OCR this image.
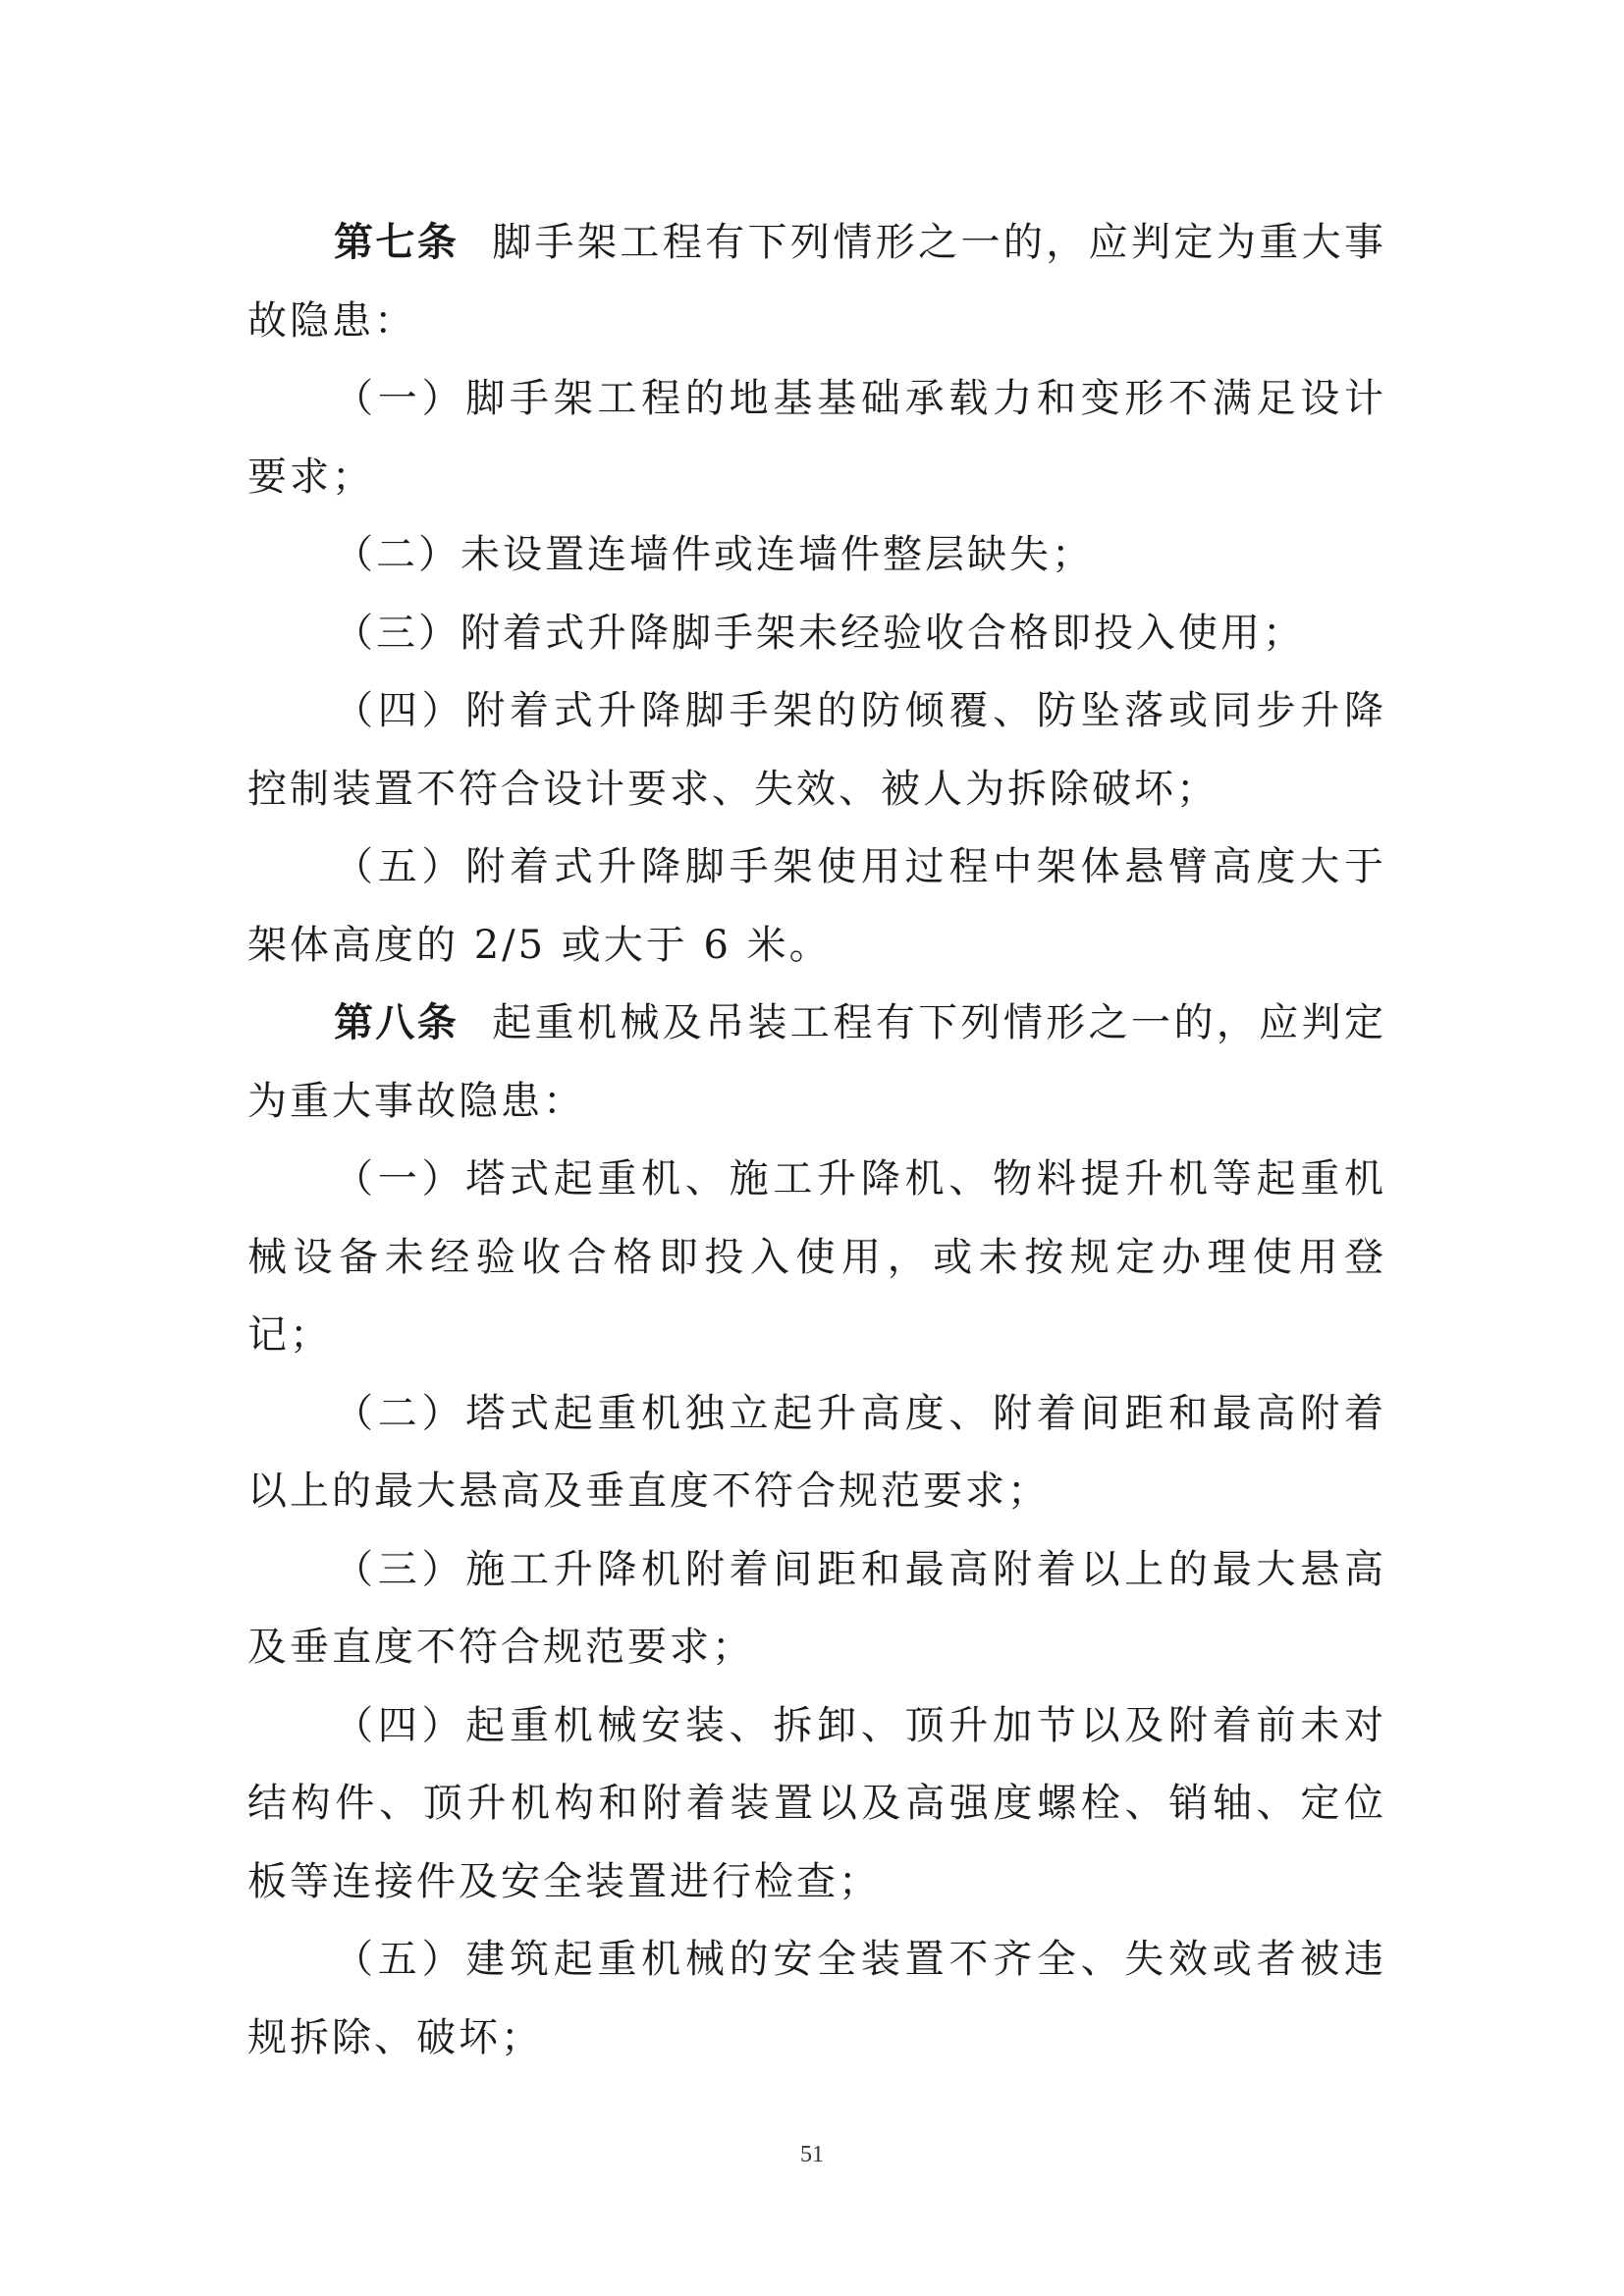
第七条 脚手架工程有下列情形之一的，应判定为重大事故隐患：

（一）脚手架工程的地基基础承载力和变形不满足设计要求；

（二）未设置连墙件或连墙件整层缺失；

（三）附着式升降脚手架未经验收合格即投入使用；

（四）附着式升降脚手架的防倾覆、防坠落或同步升降控制装置不符合设计要求、失效、被人为拆除破坏；

（五）附着式升降脚手架使用过程中架体悬臂高度大于架体高度的 2/5 或大于 6 米。

第八条 起重机械及吊装工程有下列情形之一的，应判定为重大事故隐患：

（一）塔式起重机、施工升降机、物料提升机等起重机械设备未经验收合格即投入使用，或未按规定办理使用登记；

（二）塔式起重机独立起升高度、附着间距和最高附着以上的最大悬高及垂直度不符合规范要求；

（三）施工升降机附着间距和最高附着以上的最大悬高及垂直度不符合规范要求；

（四）起重机械安装、拆卸、顶升加节以及附着前未对结构件、顶升机构和附着装置以及高强度螺栓、销轴、定位板等连接件及安全装置进行检查；

（五）建筑起重机械的安全装置不齐全、失效或者被违规拆除、破坏；

51
